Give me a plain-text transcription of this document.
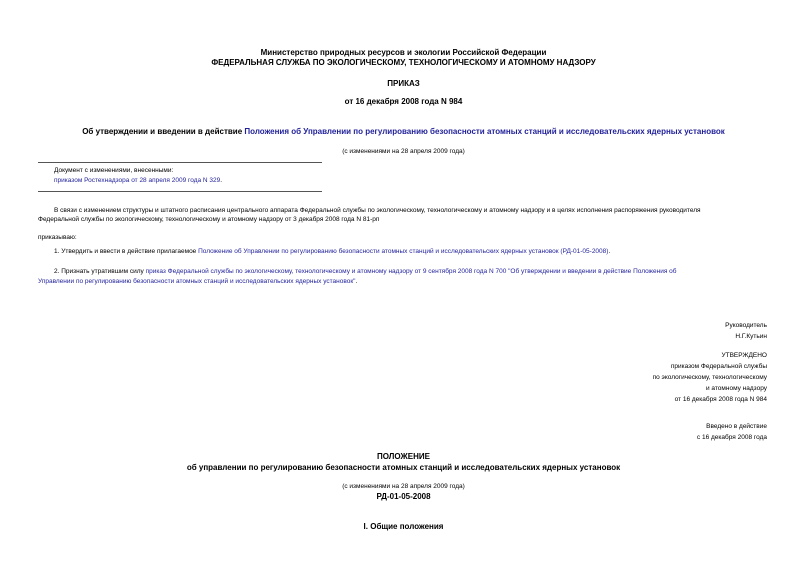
Министерство природных ресурсов и экологии Российской Федерации
ФЕДЕРАЛЬНАЯ СЛУЖБА ПО ЭКОЛОГИЧЕСКОМУ, ТЕХНОЛОГИЧЕСКОМУ И АТОМНОМУ НАДЗОРУ
ПРИКАЗ
от 16 декабря 2008 года N 984
Об утверждении и введении в действие Положения об Управлении по регулированию безопасности атомных станций и исследовательских ядерных установок
(с изменениями на 28 апреля 2009 года)
Документ с изменениями, внесенными:
приказом Ростехнадзора от 28 апреля 2009 года N 329.
В связи с изменением структуры и штатного расписания центрального аппарата Федеральной службы по экологическому, технологическому и атомному надзору и в целях исполнения распоряжения руководителя
Федеральной службы по экологическому, технологическому и атомному надзору от 3 декабря 2008 года N 81-рп
приказываю:
1. Утвердить и ввести в действие прилагаемое Положение об Управлении по регулированию безопасности атомных станций и исследовательских ядерных установок (РД-01-05-2008).
2. Признать утратившим силу приказ Федеральной службы по экологическому, технологическому и атомному надзору от 9 сентября 2008 года N 700 "Об утверждении и введении в действие Положения об
Управлении по регулированию безопасности атомных станций и исследовательских ядерных установок".

Руководитель

Н.Г.Кутьин

УТВЕРЖДЕНО

приказом Федеральной службы

по экологическому, технологическому

и атомному надзору

от 16 декабря 2008 года N 984

Введено в действие

с 16 декабря 2008 года

ПОЛОЖЕНИЕ
об управлении по регулированию безопасности атомных станций и исследовательских ядерных установок
(с изменениями на 28 апреля 2009 года)
РД-01-05-2008
I. Общие положения
